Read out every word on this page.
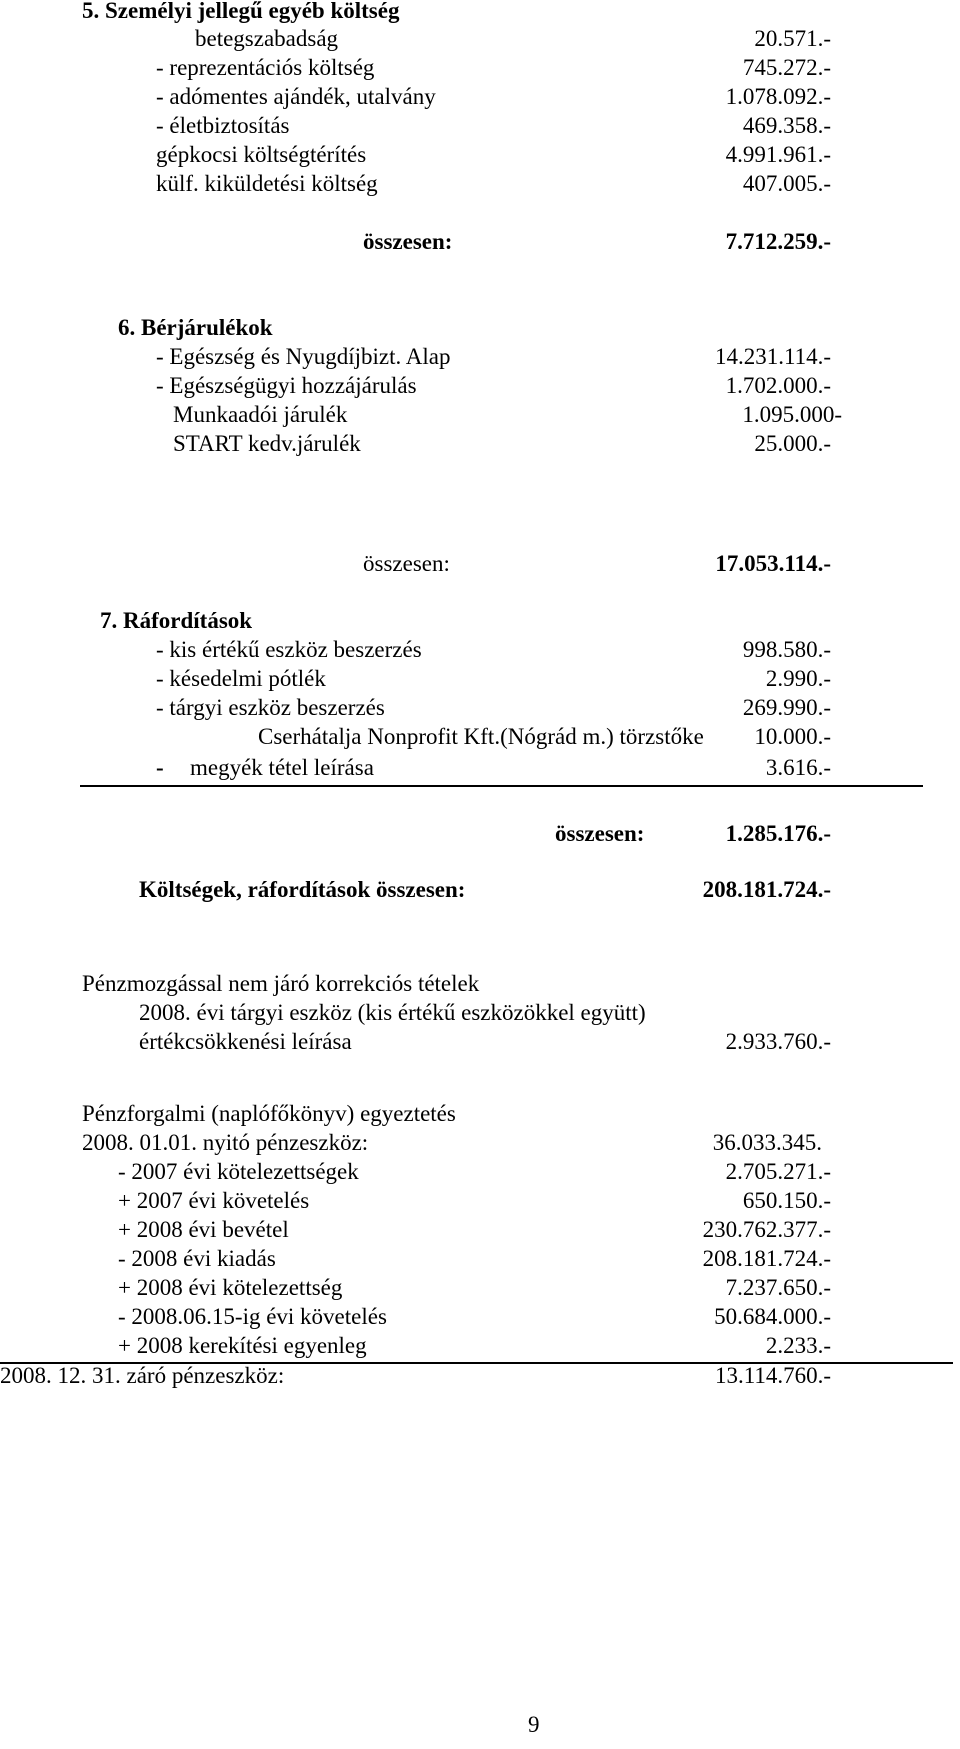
5. Személyi jellegű egyéb költség
betegszabadság	20.571.-
- reprezentációs költség	745.272.-
- adómentes ajándék, utalvány	1.078.092.-
- életbiztosítás	469.358.-
gépkocsi költségtérítés	4.991.961.-
külf. kiküldetési költség	407.005.-
összesen:	7.712.259.-
6. Bérjárulékok
- Egészség és Nyugdíjbizt. Alap	14.231.114.-
- Egészségügyi hozzájárulás	1.702.000.-
Munkaadói járulék	1.095.000-
START kedv.járulék	25.000.-
összesen:	17.053.114.-
7. Ráfordítások
- kis értékű eszköz beszerzés	998.580.-
- késedelmi pótlék	2.990.-
- tárgyi eszköz beszerzés	269.990.-
Cserhátalja Nonprofit Kft.(Nógrád m.) törzstőke 10.000.-
- megyék tétel leírása	3.616.-
összesen:	1.285.176.-
Költségek, ráfordítások összesen:	208.181.724.-
Pénzmozgással nem járó korrekciós tételek
2008. évi tárgyi eszköz (kis értékű eszközökkel együtt)
értékcsökkenési leírása	2.933.760.-
Pénzforgalmi (naplófőkönyv) egyeztetés
2008. 01.01. nyitó pénzeszköz:	36.033.345.
- 2007 évi kötelezettségek	2.705.271.-
+ 2007 évi követelés	650.150.-
+ 2008 évi bevétel	230.762.377.-
- 2008 évi kiadás	208.181.724.-
+ 2008 évi kötelezettség	7.237.650.-
- 2008.06.15-ig évi követelés	50.684.000.-
+ 2008 kerekítési egyenleg	2.233.-
2008. 12. 31. záró pénzeszköz:	13.114.760.-
9
